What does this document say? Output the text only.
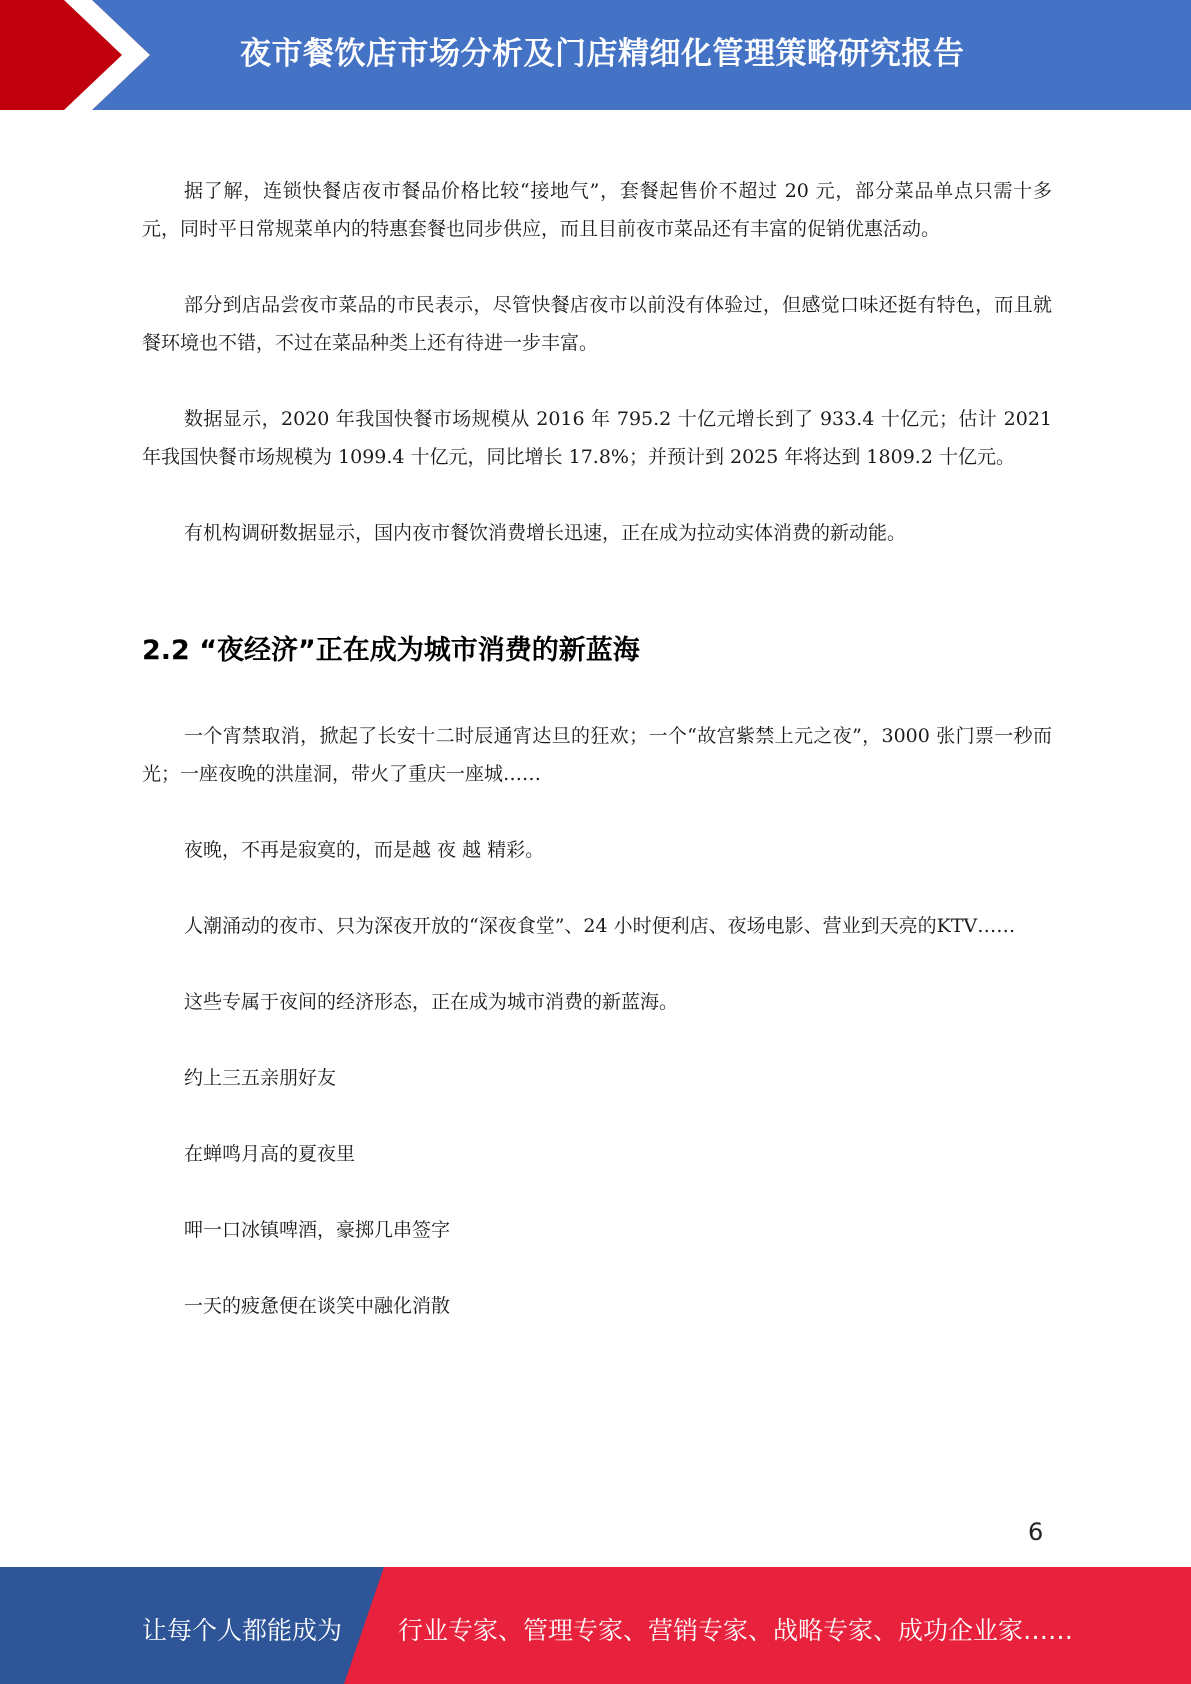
夜市餐饮店市场分析及门店精细化管理策略研究报告

据了解，连锁快餐店夜市餐品价格比较“接地气”，套餐起售价不超过 20 元，部分菜品单点只需十多元，同时平日常规菜单内的特惠套餐也同步供应，而且目前夜市菜品还有丰富的促销优惠活动。

部分到店品尝夜市菜品的市民表示，尽管快餐店夜市以前没有体验过，但感觉口味还挺有特色，而且就餐环境也不错，不过在菜品种类上还有待进一步丰富。

数据显示，2020 年我国快餐市场规模从 2016 年 795.2 十亿元增长到了 933.4 十亿元；估计 2021 年我国快餐市场规模为 1099.4 十亿元，同比增长 17.8%；并预计到 2025 年将达到 1809.2 十亿元。

有机构调研数据显示，国内夜市餐饮消费增长迅速，正在成为拉动实体消费的新动能。

2.2 “夜经济”正在成为城市消费的新蓝海

一个宵禁取消，掀起了长安十二时辰通宵达旦的狂欢；一个“故宫紫禁上元之夜”，3000 张门票一秒而光；一座夜晚的洪崖洞，带火了重庆一座城……

夜晚，不再是寂寞的，而是越 夜 越 精彩。

人潮涌动的夜市、只为深夜开放的“深夜食堂”、24 小时便利店、夜场电影、营业到天亮的KTV……

这些专属于夜间的经济形态，正在成为城市消费的新蓝海。

约上三五亲朋好友

在蝉鸣月高的夏夜里

呷一口冰镇啤酒，豪掷几串签字

一天的疲惫便在谈笑中融化消散

6
让每个人都能成为 行业专家、管理专家、营销专家、战略专家、成功企业家……
